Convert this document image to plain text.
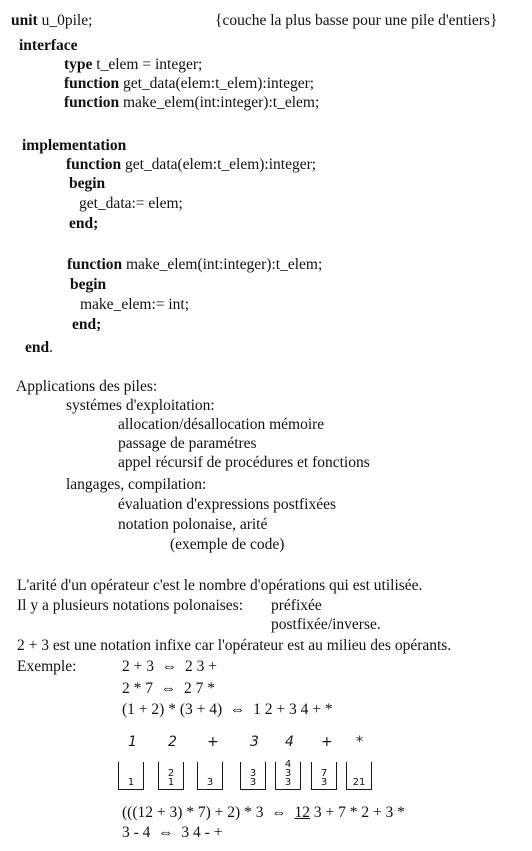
unit u_0pile;	{couche la plus basse pour une pile d'entiers}
interface
type t_elem = integer;
function get_data(elem:t_elem):integer;
function make_elem(int:integer):t_elem;
implementation
function get_data(elem:t_elem):integer;
begin
get_data:= elem;
end;
function make_elem(int:integer):t_elem;
begin
make_elem:= int;
end;
end.
Applications des piles:
systémes d'exploitation:
allocation/désallocation mémoire
passage de paramétres
appel récursif de procédures et fonctions
langages, compilation:
évaluation d'expressions postfixées
notation polonaise, arité
(exemple de code)
L'arité d'un opérateur c'est le nombre d'opérations qui est utilisée.
Il y a plusieurs notations polonaises: préfixée
postfixée/inverse.
2 + 3 est une notation infixe car l'opérateur est au milieu des opérants.
Exemple:	2 + 3  ⇔  2 3 +
2 * 7  ⇔  2 7 *
(1 + 2) * (3 + 4)  ⇔  1 2 + 3 4 + *
1 2 + 3 4 + *
1
2
1	3
3
3
4
3
3
7
3	21
(((12 + 3) * 7) + 2) * 3  ⇔  12 3 + 7 * 2 + 3 *
3 - 4  ⇔  3 4 - +
